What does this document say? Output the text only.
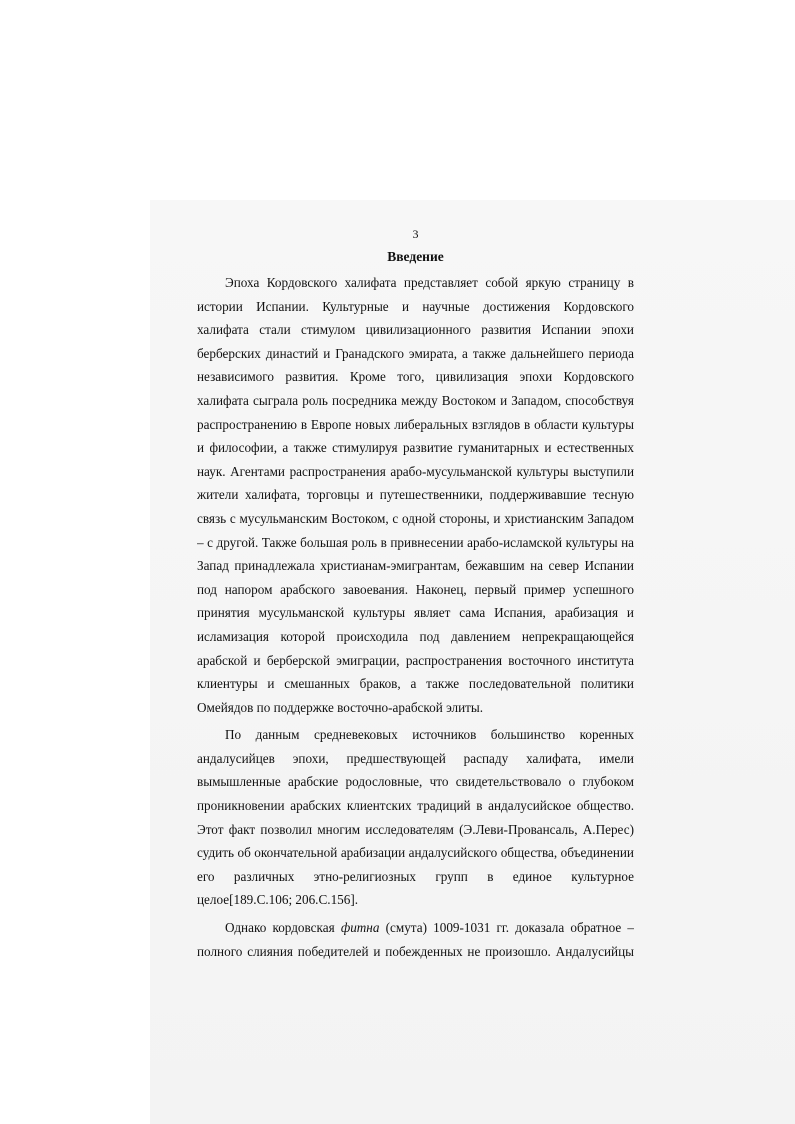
3

Введение

Эпоха Кордовского халифата представляет собой яркую страницу в

истории Испании. Культурные и научные достижения Кордовского

халифата стали стимулом цивилизационного развития Испании эпохи

берберских династий и Гранадского эмирата, а также дальнейшего периода

независимого развития. Кроме того, цивилизация эпохи Кордовского

халифата сыграла роль посредника между Востоком и Западом, способствуя

распространению в Европе новых либеральных взглядов в области культуры

и философии, а также стимулируя развитие гуманитарных и естественных

наук. Агентами распространения арабо-мусульманской культуры выступили

жители халифата, торговцы и путешественники, поддерживавшие тесную

связь с мусульманским Востоком, с одной стороны, и христианским Западом

– с другой. Также большая роль в привнесении арабо-исламской культуры на

Запад принадлежала христианам-эмигрантам, бежавшим на север Испании

под напором арабского завоевания. Наконец, первый пример успешного

принятия мусульманской культуры являет сама Испания, арабизация и

исламизация которой происходила под давлением непрекращающейся

арабской и берберской эмиграции, распространения восточного института

клиентуры и смешанных браков, а также последовательной политики

Омейядов по поддержке восточно-арабской элиты.

По данным средневековых источников большинство коренных

андалусийцев эпохи, предшествующей распаду халифата, имели

вымышленные арабские родословные, что свидетельствовало о глубоком

проникновении арабских клиентских традиций в андалусийское общество.

Этот факт позволил многим исследователям (Э.Леви-Провансаль, А.Перес)

судить об окончательной арабизации андалусийского общества, объединении

его различных этно-религиозных групп в единое культурное

целое[189.С.106; 206.С.156].

Однако кордовская фитна (смута) 1009-1031 гг. доказала обратное –

полного слияния победителей и побежденных не произошло. Андалусийцы
